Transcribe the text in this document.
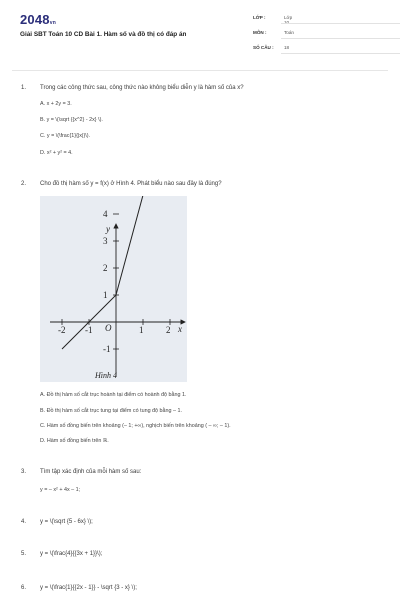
2048vn
Giải SBT Toán 10 CD Bài 1. Hàm số và đồ thị có đáp án
LỚP :	Lớp 10
MÔN :	Toán
SỐ CÂU :	18
1. Trong các công thức sau, công thức nào không biểu diễn y là hàm số của x?
A. x + 2y = 3.
B. y = \(\sqrt {{x^2} - 2x} \).
C. y = \(\frac{1}{|x|}\).
D. x² + y² = 4.
2. Cho đồ thị hàm số y = f(x) ở Hình 4. Phát biểu nào sau đây là đúng?
-2 -1	1	2
4
3
2
1
-1
x
y
O
Hình 4
A. Đồ thị hàm số cắt trục hoành tại điểm có hoành độ bằng 1.
B. Đồ thị hàm số cắt trục tung tại điểm có tung độ bằng – 1.
C. Hàm số đồng biến trên khoảng (– 1; +∞), nghịch biến trên khoảng ( – ∞; – 1).
D. Hàm số đồng biến trên ℝ.
3. Tìm tập xác định của mỗi hàm số sau:
y = – x² + 4x – 1;
4. y = \(\sqrt {5 - 6x} \);
5. y = \(\frac{4}{{3x + 1}}\);
6. y = \(\frac{1}{{2x - 1}} - \sqrt {3 - x} \);
